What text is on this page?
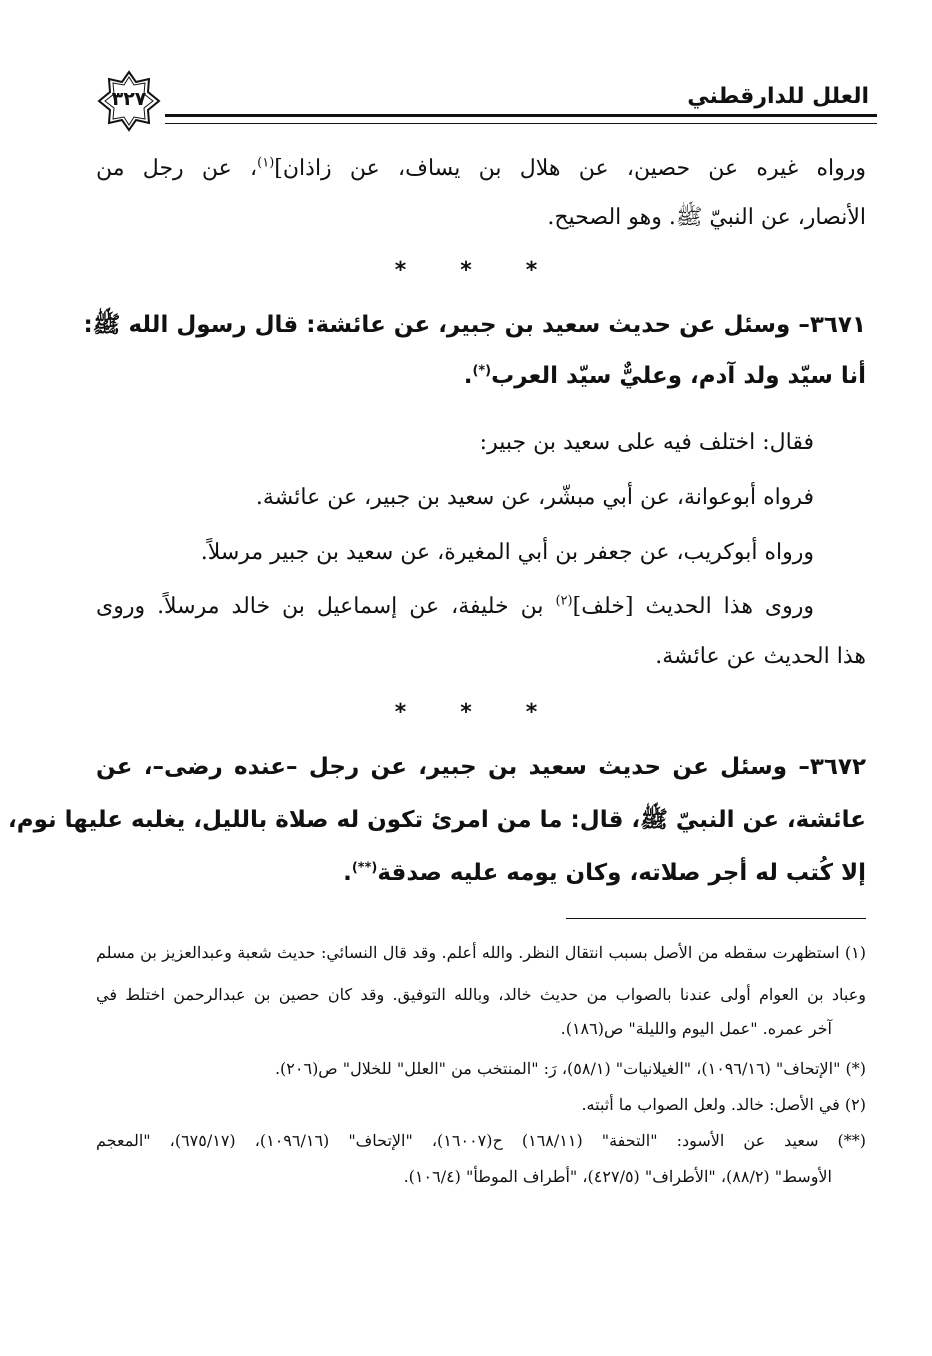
العلل للدارقطني
٣٢٧
ورواه غيره عن حصين، عن هلال بن يساف، عن زاذان]$^{(١)}$، عن رجل من
الأنصار، عن النبيّ ﷺ. وهو الصحيح.
* * *
٣٦٧١– وسئل عن حديث سعيد بن جبير، عن عائشة: قال رسول الله ﷺ:
أنا سيّد ولد آدم، وعليٌّ سيّد العرب(*).
فقال: اختلف فيه على سعيد بن جبير:
فرواه أبوعوانة، عن أبي مبشّر، عن سعيد بن جبير، عن عائشة.
ورواه أبوكريب، عن جعفر بن أبي المغيرة، عن سعيد بن جبير مرسلاً.
وروى هذا الحديث [خلف]$^{(٢)}$ بن خليفة، عن إسماعيل بن خالد مرسلاً. وروى
هذا الحديث عن عائشة.
* * *
٣٦٧٢– وسئل عن حديث سعيد بن جبير، عن رجل –عنده رضى–، عن
عائشة، عن النبيّ ﷺ، قال: ما من امرئ تكون له صلاة بالليل، يغلبه عليها نوم،
إلا كُتب له أجر صلاته، وكان يومه عليه صدقة(**).
(١) استظهرت سقطه من الأصل بسبب انتقال النظر. والله أعلم. وقد قال النسائي: حديث شعبة وعبدالعزيز بن مسلم
وعباد بن العوام أولى عندنا بالصواب من حديث خالد، وبالله التوفيق. وقد كان حصين بن عبدالرحمن اختلط في
آخر عمره. "عمل اليوم والليلة" ص(١٨٦).
(*) "الإتحاف" (١٠٩٦/١٦)، "الغيلانيات" (٥٨/١)، رَ: "المنتخب من "العلل" للخلال" ص(٢٠٦).
(٢) في الأصل: خالد. ولعل الصواب ما أثبته.
(**) سعيد عن الأسود: "التحفة" (١٦٨/١١) ح(١٦٠٠٧)، "الإتحاف" (١٠٩٦/١٦)، (٦٧٥/١٧)، "المعجم
الأوسط" (٨٨/٢)، "الأطراف" (٤٢٧/٥)، "أطراف الموطأ" (١٠٦/٤).
